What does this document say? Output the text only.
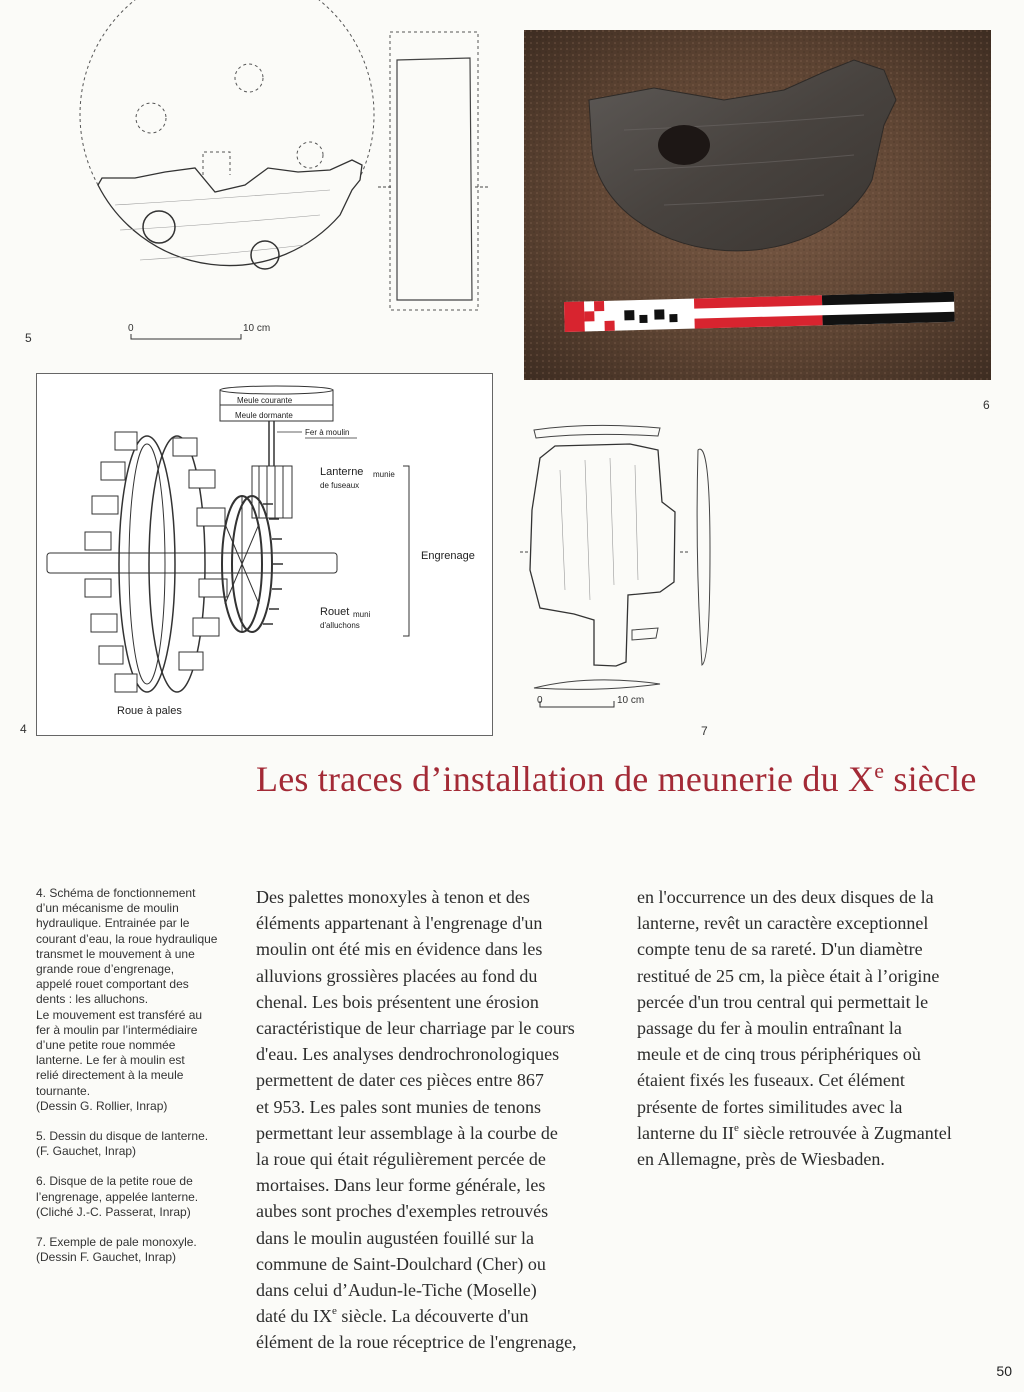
0	10 cm
5
6
Meule courante
Meule dormante
Fer à moulin
Lanterne munie
de fuseaux
Engrenage
Rouet muni
d'alluchons
Roue à pales
4
0	10 cm
7
Les traces d’installation de meunerie du Xe siècle

4. Schéma de fonctionnement
d’un mécanisme de moulin
hydraulique. Entrainée par le
courant d’eau, la roue hydraulique
transmet le mouvement à une
grande roue d’engrenage,
appelé rouet comportant des
dents : les alluchons.
Le mouvement est transféré au
fer à moulin par l’intermédiaire
d’une petite roue nommée
lanterne. Le fer à moulin est
relié directement à la meule
tournante.
(Dessin G. Rollier, Inrap)

5. Dessin du disque de lanterne.
(F. Gauchet, Inrap)

6. Disque de la petite roue de
l’engrenage, appelée lanterne.
(Cliché J.-C. Passerat, Inrap)

7. Exemple de pale monoxyle.
(Dessin F. Gauchet, Inrap)

Des palettes monoxyles à tenon et des
éléments appartenant à l'engrenage d'un
moulin ont été mis en évidence dans les
alluvions grossières placées au fond du
chenal. Les bois présentent une érosion
caractéristique de leur charriage par le cours
d'eau. Les analyses dendrochronologiques
permettent de dater ces pièces entre 867
et 953. Les pales sont munies de tenons
permettant leur assemblage à la courbe de
la roue qui était régulièrement percée de
mortaises. Dans leur forme générale, les
aubes sont proches d'exemples retrouvés
dans le moulin augustéen fouillé sur la
commune de Saint-Doulchard (Cher) ou
dans celui d’Audun-le-Tiche (Moselle)
daté du IXe siècle. La découverte d'un
élément de la roue réceptrice de l'engrenage,
en l'occurrence un des deux disques de la
lanterne, revêt un caractère exceptionnel
compte tenu de sa rareté. D'un diamètre
restitué de 25 cm, la pièce était à l’origine
percée d'un trou central qui permettait le
passage du fer à moulin entraînant la
meule et de cinq trous périphériques où
étaient fixés les fuseaux. Cet élément
présente de fortes similitudes avec la
lanterne du IIe siècle retrouvée à Zugmantel
en Allemagne, près de Wiesbaden.
50
